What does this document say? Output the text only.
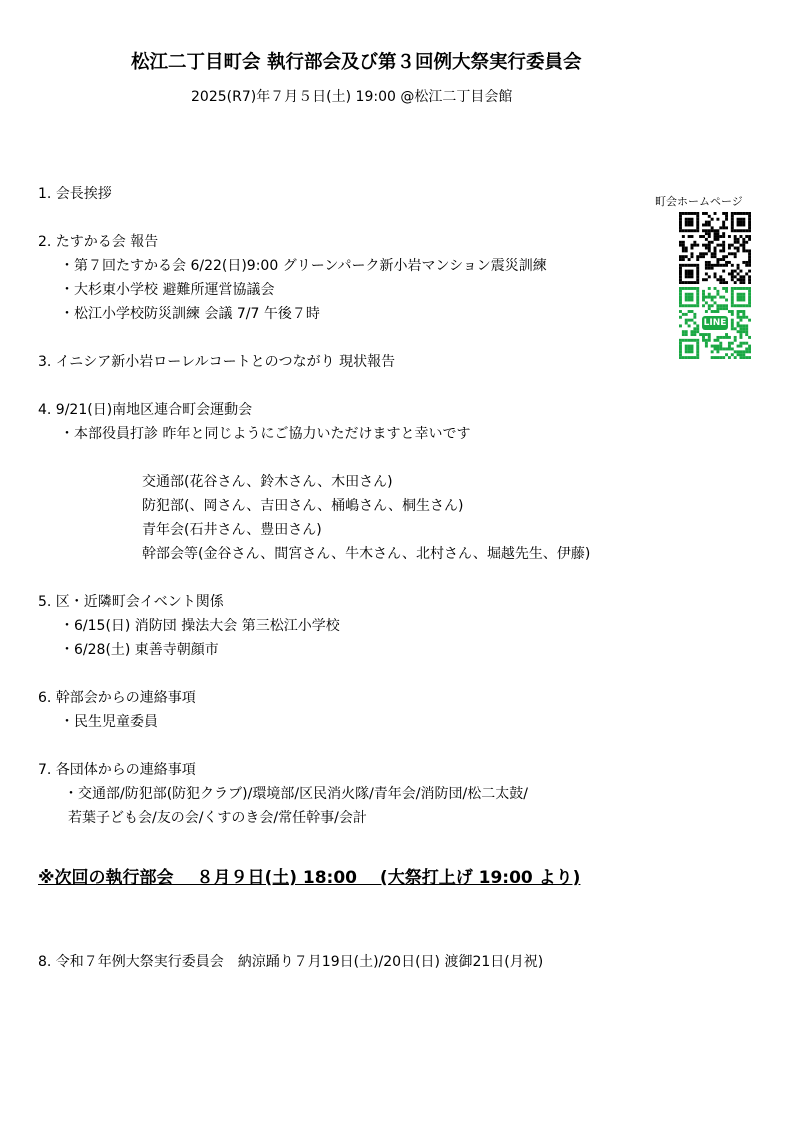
松江二丁目町会 執行部会及び第３回例大祭実行委員会
2025(R7)年７月５日(土) 19:00 @松江二丁目会館
町会ホームページ
LINE
1. 会長挨拶
2. たすかる会 報告
・第７回たすかる会 6/22(日)9:00 グリーンパーク新小岩マンション震災訓練
・大杉東小学校 避難所運営協議会
・松江小学校防災訓練 会議 7/7 午後７時
3. イニシア新小岩ローレルコートとのつながり 現状報告
4. 9/21(日)南地区連合町会運動会
・本部役員打診 昨年と同じようにご協力いただけますと幸いです
交通部(花谷さん、鈴木さん、木田さん)
防犯部(、岡さん、吉田さん、桶嶋さん、桐生さん)
青年会(石井さん、豊田さん)
幹部会等(金谷さん、間宮さん、牛木さん、北村さん、堀越先生、伊藤)
5. 区・近隣町会イベント関係
・6/15(日) 消防団 操法大会 第三松江小学校
・6/28(土) 東善寺朝顔市
6. 幹部会からの連絡事項
・民生児童委員
7. 各団体からの連絡事項
・交通部/防犯部(防犯クラブ)/環境部/区民消火隊/青年会/消防団/松二太鼓/
若葉子ども会/友の会/くすのき会/常任幹事/会計
※次回の執行部会　 ８月９日(土) 18:00 　(大祭打上げ 19:00 より)
8. 令和７年例大祭実行委員会　納涼踊り７月19日(土)/20日(日) 渡御21日(月祝)
